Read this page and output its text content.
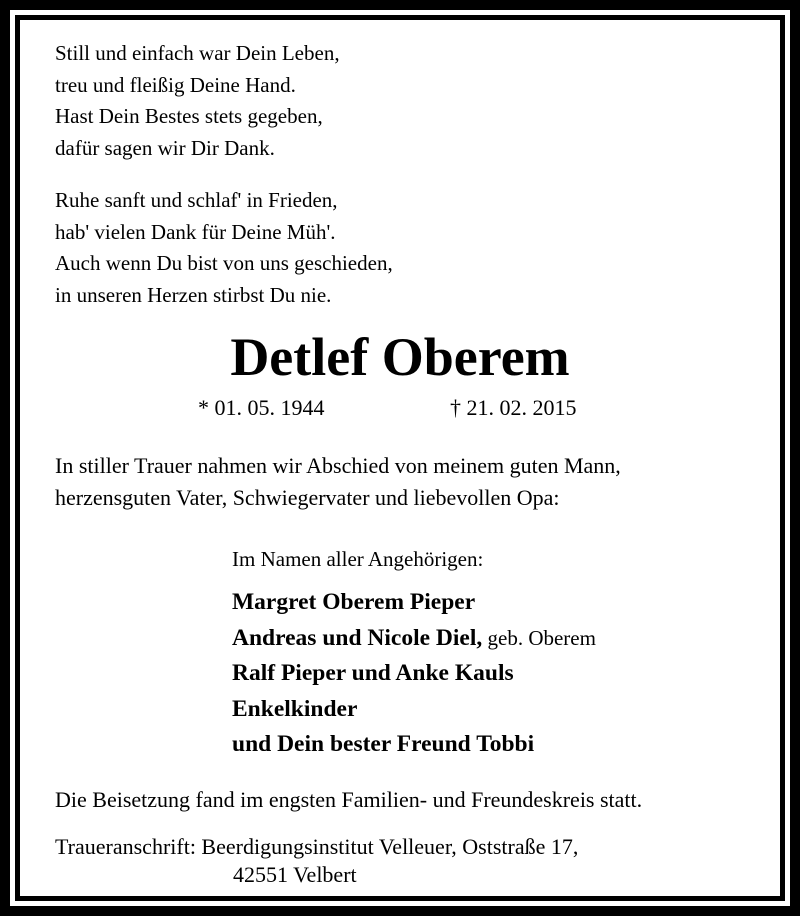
Still und einfach war Dein Leben,
treu und fleißig Deine Hand.
Hast Dein Bestes stets gegeben,
dafür sagen wir Dir Dank.
Ruhe sanft und schlaf' in Frieden,
hab' vielen Dank für Deine Müh'.
Auch wenn Du bist von uns geschieden,
in unseren Herzen stirbst Du nie.
Detlef Oberem
* 01. 05. 1944	† 21. 02. 2015
In stiller Trauer nahmen wir Abschied von meinem guten Mann,
herzensguten Vater, Schwiegervater und liebevollen Opa:
Im Namen aller Angehörigen:
Margret Oberem Pieper
Andreas und Nicole Diel, geb. Oberem
Ralf Pieper und Anke Kauls
Enkelkinder
und Dein bester Freund Tobbi
Die Beisetzung fand im engsten Familien- und Freundeskreis statt.
Traueranschrift: Beerdigungsinstitut Velleuer, Oststraße 17,
42551 Velbert
